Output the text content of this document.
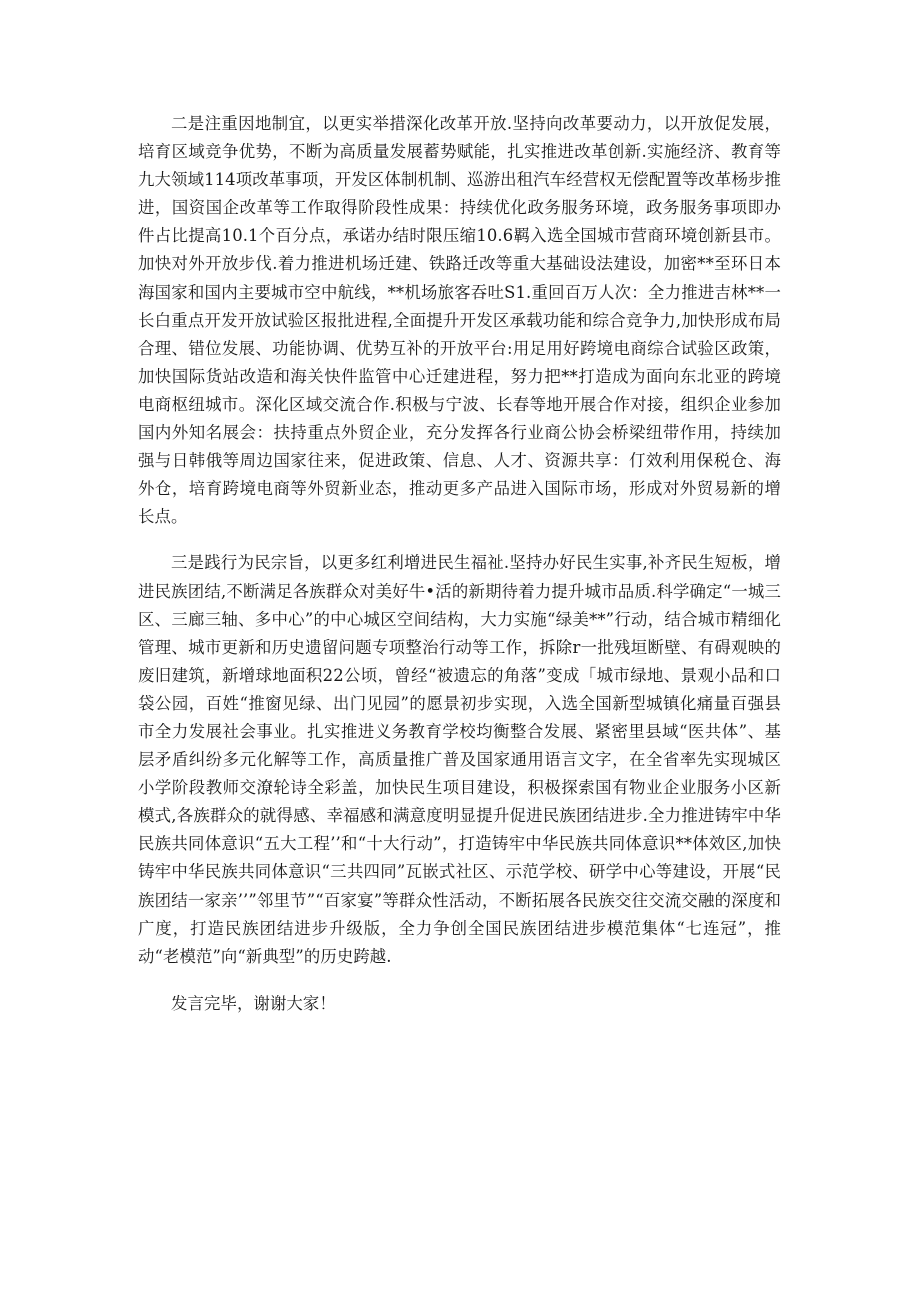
二是注重因地制宜，以更实举措深化改革开放.坚持向改革要动力，以开放促发展，培育区域竞争优势，不断为高质量发展蓄势赋能，扎实推进改革创新.实施经济、教育等九大领域114项改革事项，开发区体制机制、巡游出租汽车经营权无偿配置等改革杨步推进，国资国企改革等工作取得阶段性成果：持续优化政务服务环境，政务服务事项即办件占比提高10.1个百分点，承诺办结时限压缩10.6羁入选全国城市营商环境创新县市。加快对外开放步伐.着力推进机场迁建、铁路迁改等重大基础设法建设，加密**至环日本海国家和国内主要城市空中航线，**机场旅客吞吐S1.重回百万人次：全力推进吉林**一长白重点开发开放试验区报批进程,全面提升开发区承载功能和综合竞争力,加快形成布局合理、错位发展、功能协调、优势互补的开放平台:用足用好跨境电商综合试验区政策，加快国际货站改造和海关快件监管中心迁建进程，努力把**打造成为面向东北亚的跨境电商枢纽城市。深化区域交流合作.积极与宁波、长春等地开展合作对接，组织企业参加国内外知名展会：扶持重点外贸企业，充分发挥各行业商公协会桥梁纽带作用，持续加强与日韩俄等周边国家往来，促进政策、信息、人才、资源共享：仃效利用保税仓、海外仓，培育跨境电商等外贸新业态，推动更多产品进入国际市场，形成对外贸易新的增长点。

三是践行为民宗旨，以更多红利增进民生福祉.坚持办好民生实事,补齐民生短板，增进民族团结,不断满足各族群众对美好牛•活的新期待着力提升城市品质.科学确定“一城三区、三廊三轴、多中心”的中心城区空间结构，大力实施“绿美**”行动，结合城市精细化管理、城市更新和历史遗留问题专项整治行动等工作，拆除r一批残垣断壁、有碍观映的废旧建筑，新增球地面积22公顷，曾经“被遗忘的角落”变成「城市绿地、景观小品和口袋公园，百姓“推窗见绿、出门见园”的愿景初步实现，入选全国新型城镇化痛量百强县市全力发展社会事业。扎实推进义务教育学校均衡整合发展、紧密里县域“医共体”、基层矛盾纠纷多元化解等工作，高质量推广普及国家通用语言文字，在全省率先实现城区小学阶段教师交潦轮诗全彩盖，加快民生项目建设，积极探索国有物业企业服务小区新模式,各族群众的就得感、幸福感和满意度明显提升促进民族团结进步.全力推进铸牢中华民族共同体意识“五大工程’’和“十大行动”，打造铸牢中华民族共同体意识**体效区,加快铸牢中华民族共同体意识“三共四同”瓦嵌式社区、示范学校、研学中心等建设，开展“民族团结一家亲’’”邻里节”“百家宴”等群众性活动，不断拓展各民族交往交流交融的深度和广度，打造民族团结进步升级版，全力争创全国民族团结进步模范集体“七连冠”，推动“老模范”向“新典型”的历史跨越.

发言完毕，谢谢大家！
